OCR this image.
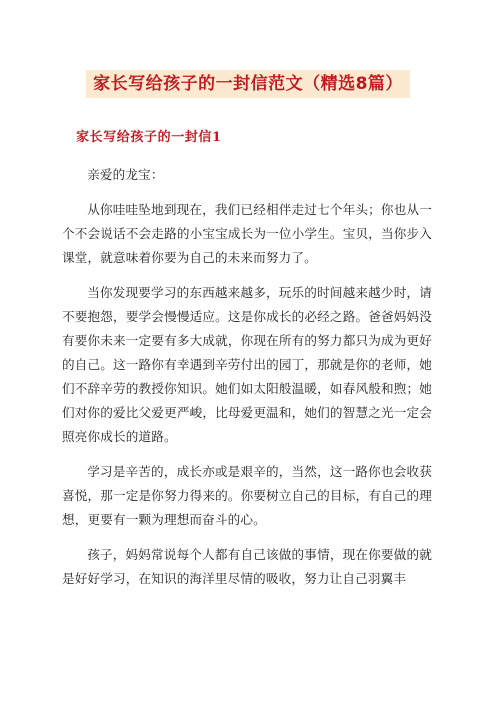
家长写给孩子的一封信范文（精选8篇）
家长写给孩子的一封信1

亲爱的龙宝：

从你哇哇坠地到现在，我们已经相伴走过七个年头；你也从一个不会说话不会走路的小宝宝成长为一位小学生。宝贝，当你步入课堂，就意味着你要为自己的未来而努力了。

当你发现要学习的东西越来越多，玩乐的时间越来越少时，请不要抱怨，要学会慢慢适应。这是你成长的必经之路。爸爸妈妈没有要你未来一定要有多大成就，你现在所有的努力都只为成为更好的自己。这一路你有幸遇到辛劳付出的园丁，那就是你的老师，她们不辞辛劳的教授你知识。她们如太阳般温暖，如春风般和煦；她们对你的爱比父爱更严峻，比母爱更温和，她们的智慧之光一定会照亮你成长的道路。

学习是辛苦的，成长亦或是艰辛的，当然，这一路你也会收获喜悦，那一定是你努力得来的。你要树立自己的目标，有自己的理想，更要有一颗为理想而奋斗的心。

孩子，妈妈常说每个人都有自己该做的事情，现在你要做的就是好好学习，在知识的海洋里尽情的吸收，努力让自己羽翼丰
